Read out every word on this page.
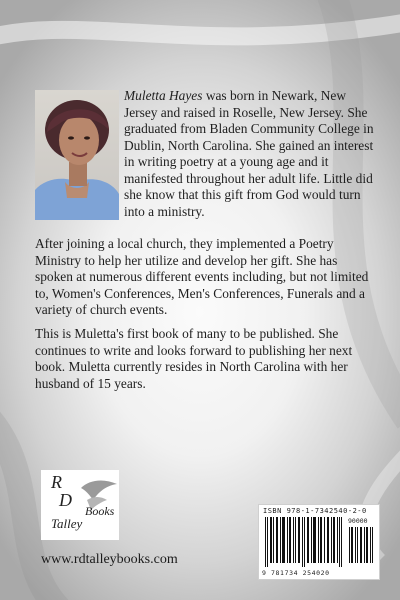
Muletta Hayes was born in Newark, New Jersey and raised in Roselle, New Jersey. She graduated from Bladen Community College in Dublin, North Carolina. She gained an interest in writing poetry at a young age and it manifested throughout her adult life. Little did she know that this gift from God would turn into a ministry.

After joining a local church, they implemented a Poetry Ministry to help her utilize and develop her gift. She has spoken at numerous different events including, but not limited to, Women's Conferences, Men's Conferences, Funerals and a variety of church events.

This is Muletta's first book of many to be published. She continues to write and looks forward to publishing her next book. Muletta currently resides in North Carolina with her husband of 15 years.

R
D
Books
Talley

www.rdtalleybooks.com

ISBN 978-1-7342540-2-0
90000
9 781734 254020
